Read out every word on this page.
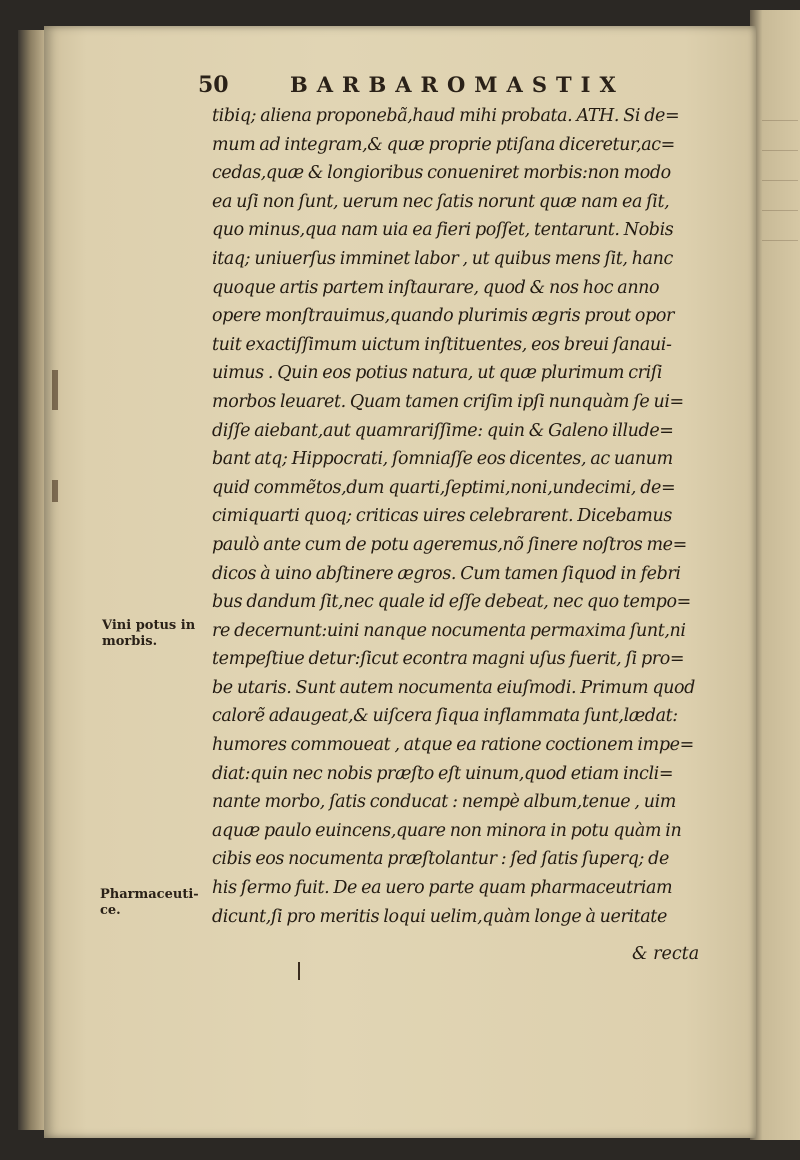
50	BARBAROMASTIX
tibiq; aliena proponebã,haud mihi probata. ATH. Si de=
mum ad integram,& quæ proprie ptiſana diceretur,ac=
cedas,quæ & longioribus conueniret morbis:non modo
ea uſi non ſunt, uerum nec ſatis norunt quæ nam ea ſit,
quo minus,qua nam uia ea fieri poſſet, tentarunt. Nobis
itaq; uniuerſus imminet labor , ut quibus mens ſit, hanc
quoque artis partem inſtaurare, quod & nos hoc anno
opere monſtrauimus,quando plurimis ægris prout opor
tuit exactiſſimum uictum inſtituentes, eos breui ſanaui-
uimus . Quin eos potius natura, ut quæ plurimum criſi
morbos leuaret. Quam tamen criſim ipſi nunquàm ſe ui=
diſſe aiebant,aut quamrariſſime: quin & Galeno illude=
bant atq; Hippocrati, ſomniaſſe eos dicentes, ac uanum
quid commẽtos,dum quarti,ſeptimi,noni,undecimi, de=
cimiquarti quoq; criticas uires celebrarent. Dicebamus
paulò ante cum de potu ageremus,nõ ſinere noſtros me=
dicos à uino abſtinere ægros. Cum tamen ſiquod in febri
bus dandum ſit,nec quale id eſſe debeat, nec quo tempo=
re decernunt:uini nanque nocumenta permaxima ſunt,ni
tempeſtiue detur:ſicut econtra magni uſus fuerit, ſi pro=
be utaris. Sunt autem nocumenta eiuſmodi. Primum quod
calorẽ adaugeat,& uiſcera ſiqua inflammata ſunt,lædat:
humores commoueat , atque ea ratione coctionem impe=
diat:quin nec nobis præſto eſt uinum,quod etiam incli=
nante morbo, ſatis conducat : nempè album,tenue , uim
aquæ paulo euincens,quare non minora in potu quàm in
cibis eos nocumenta præſtolantur : ſed ſatis ſuperq; de
his ſermo fuit. De ea uero parte quam pharmaceutriam
dicunt,ſi pro meritis loqui uelim,quàm longe à ueritate
& recta
Vini potus in morbis.
Pharmaceuti- ce.
